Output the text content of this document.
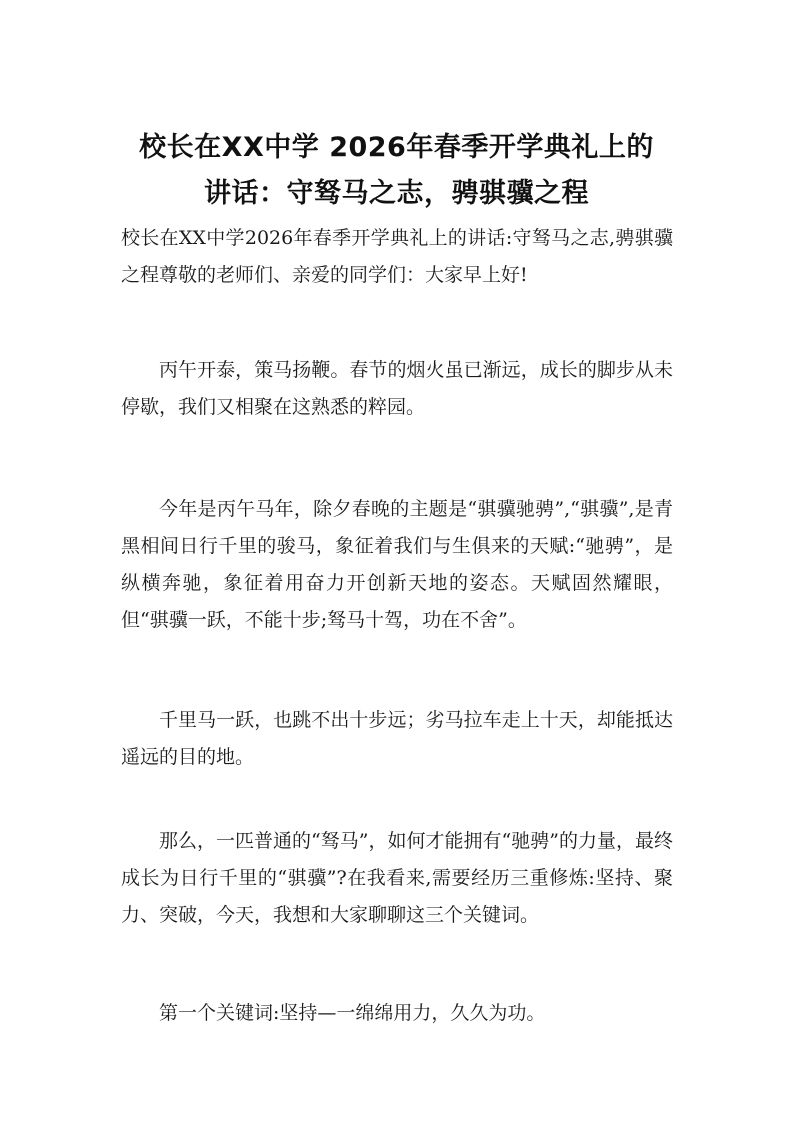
校长在XX中学 2026年春季开学典礼上的
讲话：守驽马之志，骋骐骥之程
校长在XX中学2026年春季开学典礼上的讲话:守驽马之志,骋骐骥之程尊敬的老师们、亲爱的同学们：大家早上好!
丙午开泰，策马扬鞭。春节的烟火虽已渐远，成长的脚步从未停歇，我们又相聚在这熟悉的粹园。
今年是丙午马年，除夕春晚的主题是“骐骥驰骋”,“骐骥”,是青黑相间日行千里的骏马，象征着我们与生俱来的天赋:“驰骋”，是纵横奔驰，象征着用奋力开创新天地的姿态。天赋固然耀眼，但“骐骥一跃，不能十步;驽马十驾，功在不舍”。
千里马一跃，也跳不出十步远；劣马拉车走上十天，却能抵达遥远的目的地。
那么，一匹普通的“驽马”，如何才能拥有“驰骋”的力量，最终成长为日行千里的“骐骥”?在我看来,需要经历三重修炼:坚持、聚力、突破，今天，我想和大家聊聊这三个关键词。
第一个关键词:坚持—一绵绵用力，久久为功。
